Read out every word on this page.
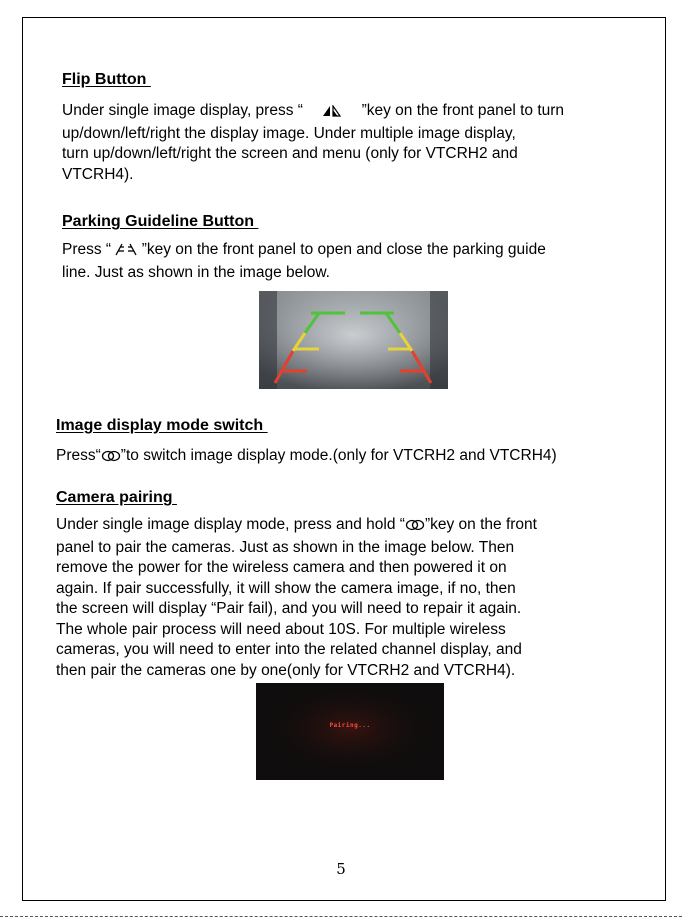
Flip Button
Under single image display, press “	”key on the front panel to turn
up/down/left/right the display image. Under multiple image display,
turn up/down/left/right the screen and menu (only for VTCRH2 and
VTCRH4).
Parking Guideline Button
Press “ ”key on the front panel to open and close the parking guide
line. Just as shown in the image below.
Image display mode switch
Press“ ”to switch image display mode.(only for VTCRH2 and VTCRH4)
Camera pairing
Under single image display mode, press and hold “ ”key on the front
panel to pair the cameras. Just as shown in the image below. Then
remove the power for the wireless camera and then powered it on
again. If pair successfully, it will show the camera image, if no, then
the screen will display “Pair fail), and you will need to repair it again.
The whole pair process will need about 10S. For multiple wireless
cameras, you will need to enter into the related channel display, and
then pair the cameras one by one(only for VTCRH2 and VTCRH4).
Pairing...
5
